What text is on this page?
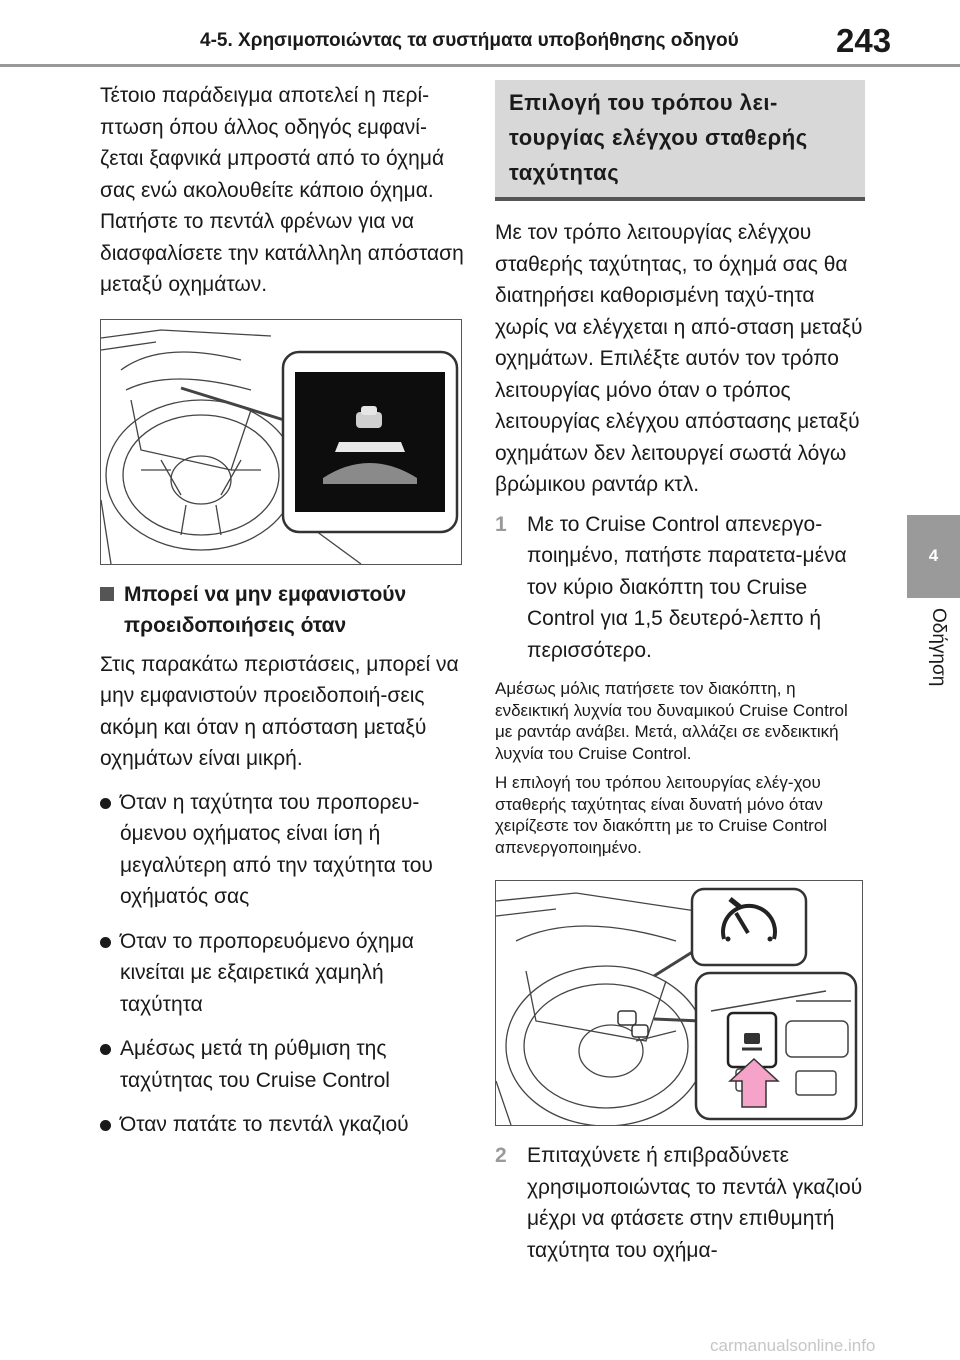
4-5. Χρησιμοποιώντας τα συστήματα υποβοήθησης οδηγού	243
4
Οδήγηση

Τέτοιο παράδειγμα αποτελεί η περί-πτωση όπου άλλος οδηγός εμφανί-ζεται ξαφνικά μπροστά από το όχημά σας ενώ ακολουθείτε κάποιο όχημα. Πατήστε το πεντάλ φρένων για να διασφαλίσετε την κατάλληλη απόσταση μεταξύ οχημάτων.

Μπορεί να μην εμφανιστούν προειδοποιήσεις όταν

Στις παρακάτω περιστάσεις, μπορεί να μην εμφανιστούν προειδοποιή-σεις ακόμη και όταν η απόσταση μεταξύ οχημάτων είναι μικρή.

Όταν η ταχύτητα του προπορευ-όμενου οχήματος είναι ίση ή μεγαλύτερη από την ταχύτητα του οχήματός σας
Όταν το προπορευόμενο όχημα κινείται με εξαιρετικά χαμηλή ταχύτητα
Αμέσως μετά τη ρύθμιση της ταχύτητας του Cruise Control
Όταν πατάτε το πεντάλ γκαζιού
Επιλογή του τρόπου λει-τουργίας ελέγχου σταθερής ταχύτητας

Με τον τρόπο λειτουργίας ελέγχου σταθερής ταχύτητας, το όχημά σας θα διατηρήσει καθορισμένη ταχύ-τητα χωρίς να ελέγχεται η από-σταση μεταξύ οχημάτων. Επιλέξτε αυτόν τον τρόπο λειτουργίας μόνο όταν ο τρόπος λειτουργίας ελέγχου απόστασης μεταξύ οχημάτων δεν λειτουργεί σωστά λόγω βρώμικου ραντάρ κτλ.

1 Με το Cruise Control απενεργο-ποιημένο, πατήστε παρατετα-μένα τον κύριο διακόπτη του Cruise Control για 1,5 δευτερό-λεπτο ή περισσότερο.

Αμέσως μόλις πατήσετε τον διακόπτη, η ενδεικτική λυχνία του δυναμικού Cruise Control με ραντάρ ανάβει. Μετά, αλλάζει σε ενδεικτική λυχνία του Cruise Control.

Η επιλογή του τρόπου λειτουργίας ελέγ-χου σταθερής ταχύτητας είναι δυνατή μόνο όταν χειρίζεστε τον διακόπτη με το Cruise Control απενεργοποιημένο.

2 Επιταχύνετε ή επιβραδύνετε χρησιμοποιώντας το πεντάλ γκαζιού μέχρι να φτάσετε στην επιθυμητή ταχύτητα του οχήμα-

carmanualsonline.info
